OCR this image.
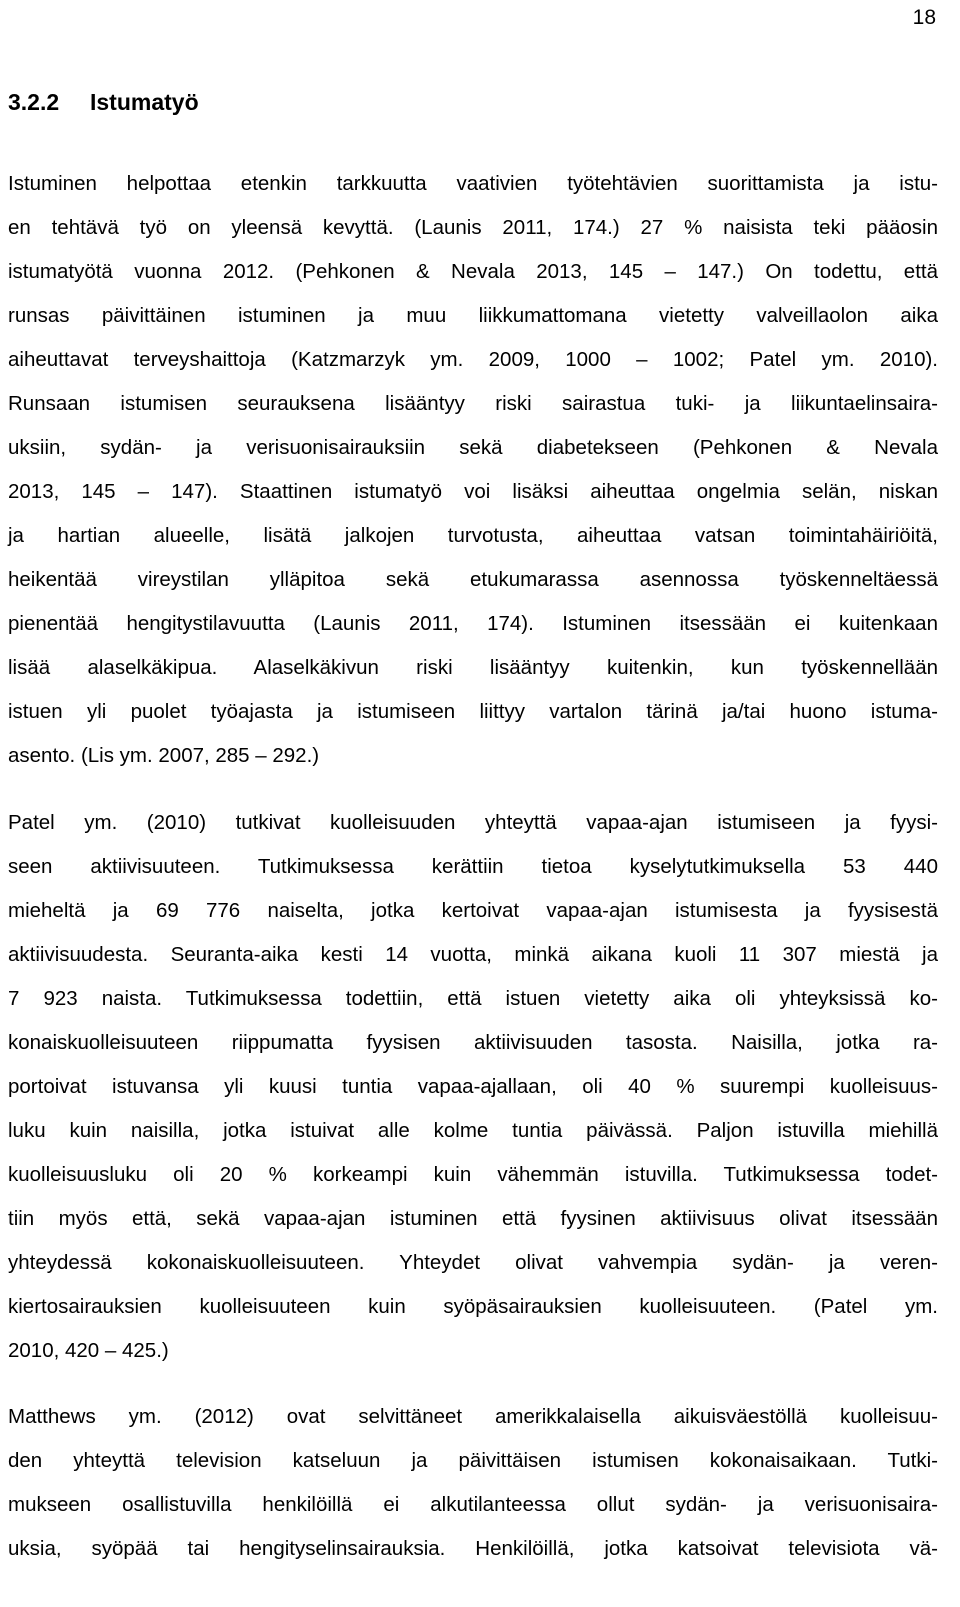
18
3.2.2 Istumatyö
Istuminen helpottaa etenkin tarkkuutta vaativien työtehtävien suorittamista ja istu-
en tehtävä työ on yleensä kevyttä. (Launis 2011, 174.) 27 % naisista teki pääosin
istumatyötä vuonna 2012. (Pehkonen & Nevala 2013, 145 – 147.) On todettu, että
runsas päivittäinen istuminen ja muu liikkumattomana vietetty valveillaolon aika
aiheuttavat terveyshaittoja (Katzmarzyk ym. 2009, 1000 – 1002; Patel ym. 2010).
Runsaan istumisen seurauksena lisääntyy riski sairastua tuki- ja liikuntaelinsaira-
uksiin, sydän- ja verisuonisairauksiin sekä diabetekseen (Pehkonen & Nevala
2013, 145 – 147). Staattinen istumatyö voi lisäksi aiheuttaa ongelmia selän, niskan
ja hartian alueelle, lisätä jalkojen turvotusta, aiheuttaa vatsan toimintahäiriöitä,
heikentää vireystilan ylläpitoa sekä etukumarassa asennossa työskenneltäessä
pienentää hengitystilavuutta (Launis 2011, 174). Istuminen itsessään ei kuitenkaan
lisää alaselkäkipua. Alaselkäkivun riski lisääntyy kuitenkin, kun työskennellään
istuen yli puolet työajasta ja istumiseen liittyy vartalon tärinä ja/tai huono istuma-
asento. (Lis ym. 2007, 285 – 292.)
Patel ym. (2010) tutkivat kuolleisuuden yhteyttä vapaa-ajan istumiseen ja fyysi-
seen aktiivisuuteen. Tutkimuksessa kerättiin tietoa kyselytutkimuksella 53 440
mieheltä ja 69 776 naiselta, jotka kertoivat vapaa-ajan istumisesta ja fyysisestä
aktiivisuudesta. Seuranta-aika kesti 14 vuotta, minkä aikana kuoli 11 307 miestä ja
7 923 naista. Tutkimuksessa todettiin, että istuen vietetty aika oli yhteyksissä ko-
konaiskuolleisuuteen riippumatta fyysisen aktiivisuuden tasosta. Naisilla, jotka ra-
portoivat istuvansa yli kuusi tuntia vapaa-ajallaan, oli 40 % suurempi kuolleisuus-
luku kuin naisilla, jotka istuivat alle kolme tuntia päivässä. Paljon istuvilla miehillä
kuolleisuusluku oli 20 % korkeampi kuin vähemmän istuvilla. Tutkimuksessa todet-
tiin myös että, sekä vapaa-ajan istuminen että fyysinen aktiivisuus olivat itsessään
yhteydessä kokonaiskuolleisuuteen. Yhteydet olivat vahvempia sydän- ja veren-
kiertosairauksien kuolleisuuteen kuin syöpäsairauksien kuolleisuuteen. (Patel ym.
2010, 420 – 425.)
Matthews ym. (2012) ovat selvittäneet amerikkalaisella aikuisväestöllä kuolleisuu-
den yhteyttä television katseluun ja päivittäisen istumisen kokonaisaikaan. Tutki-
mukseen osallistuvilla henkilöillä ei alkutilanteessa ollut sydän- ja verisuonisaira-
uksia, syöpää tai hengityselinsairauksia. Henkilöillä, jotka katsoivat televisiota vä-
